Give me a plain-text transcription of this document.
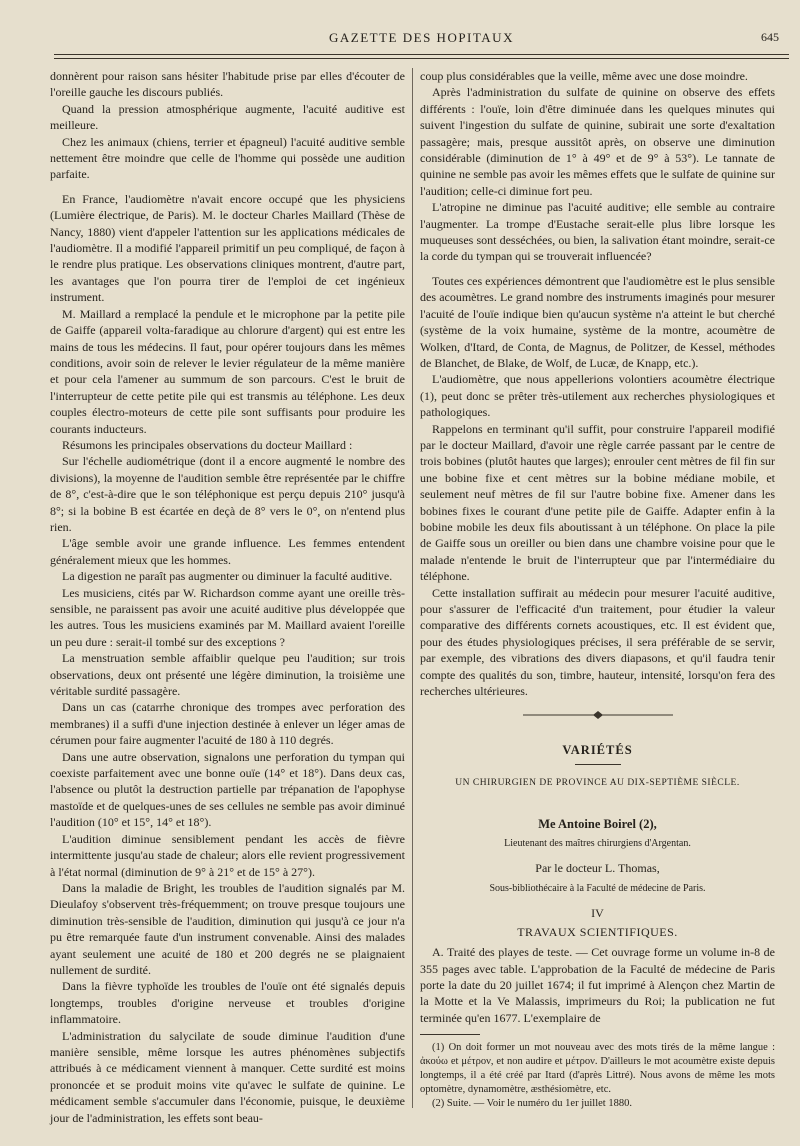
GAZETTE DES HOPITAUX	645

donnèrent pour raison sans hésiter l'habitude prise par elles d'écouter de l'oreille gauche les discours publiés.

Quand la pression atmosphérique augmente, l'acuité auditive est meilleure.

Chez les animaux (chiens, terrier et épagneul) l'acuité auditive semble nettement être moindre que celle de l'homme qui possède une audition parfaite.

En France, l'audiomètre n'avait encore occupé que les physiciens (Lumière électrique, de Paris). M. le docteur Charles Maillard (Thèse de Nancy, 1880) vient d'appeler l'attention sur les applications médicales de l'audiomètre. Il a modifié l'appareil primitif un peu compliqué, de façon à le rendre plus pratique. Les observations cliniques montrent, d'autre part, les avantages que l'on pourra tirer de l'emploi de cet ingénieux instrument.

M. Maillard a remplacé la pendule et le microphone par la petite pile de Gaiffe (appareil volta-faradique au chlorure d'argent) qui est entre les mains de tous les médecins. Il faut, pour opérer toujours dans les mêmes conditions, avoir soin de relever le levier régulateur de la même manière et pour cela l'amener au summum de son parcours. C'est le bruit de l'interrupteur de cette petite pile qui est transmis au téléphone. Les deux couples électro-moteurs de cette pile sont suffisants pour produire les courants inducteurs.

Résumons les principales observations du docteur Maillard :

Sur l'échelle audiométrique (dont il a encore augmenté le nombre des divisions), la moyenne de l'audition semble être représentée par le chiffre de 8°, c'est-à-dire que le son téléphonique est perçu depuis 210° jusqu'à 8°; si la bobine B est écartée en deçà de 8° vers le 0°, on n'entend plus rien.

L'âge semble avoir une grande influence. Les femmes entendent généralement mieux que les hommes.

La digestion ne paraît pas augmenter ou diminuer la faculté auditive.

Les musiciens, cités par W. Richardson comme ayant une oreille très-sensible, ne paraissent pas avoir une acuité auditive plus développée que les autres. Tous les musiciens examinés par M. Maillard avaient l'oreille un peu dure : serait-il tombé sur des exceptions ?

La menstruation semble affaiblir quelque peu l'audition; sur trois observations, deux ont présenté une légère diminution, la troisième une véritable surdité passagère.

Dans un cas (catarrhe chronique des trompes avec perforation des membranes) il a suffi d'une injection destinée à enlever un léger amas de cérumen pour faire augmenter l'acuité de 180 à 110 degrés.

Dans une autre observation, signalons une perforation du tympan qui coexiste parfaitement avec une bonne ouïe (14° et 18°). Dans deux cas, l'absence ou plutôt la destruction partielle par trépanation de l'apophyse mastoïde et de quelques-unes de ses cellules ne semble pas avoir diminué l'audition (10° et 15°, 14° et 18°).

L'audition diminue sensiblement pendant les accès de fièvre intermittente jusqu'au stade de chaleur; alors elle revient progressivement à l'état normal (diminution de 9° à 21° et de 15° à 27°).

Dans la maladie de Bright, les troubles de l'audition signalés par M. Dieulafoy s'observent très-fréquemment; on trouve presque toujours une diminution très-sensible de l'audition, diminution qui jusqu'à ce jour n'a pu être remarquée faute d'un instrument convenable. Ainsi des malades ayant seulement une acuité de 180 et 200 degrés ne se plaignaient nullement de surdité.

Dans la fièvre typhoïde les troubles de l'ouïe ont été signalés depuis longtemps, troubles d'origine nerveuse et troubles d'origine inflammatoire.

L'administration du salycilate de soude diminue l'audition d'une manière sensible, même lorsque les autres phénomènes subjectifs attribués à ce médicament viennent à manquer. Cette surdité est moins prononcée et se produit moins vite qu'avec le sulfate de quinine. Le médicament semble s'accumuler dans l'économie, puisque, le deuxième jour de l'administration, les effets sont beau-

coup plus considérables que la veille, même avec une dose moindre.

Après l'administration du sulfate de quinine on observe des effets différents : l'ouïe, loin d'être diminuée dans les quelques minutes qui suivent l'ingestion du sulfate de quinine, subirait une sorte d'exaltation passagère; mais, presque aussitôt après, on observe une diminution considérable (diminution de 1° à 49° et de 9° à 53°). Le tannate de quinine ne semble pas avoir les mêmes effets que le sulfate de quinine sur l'audition; celle-ci diminue fort peu.

L'atropine ne diminue pas l'acuité auditive; elle semble au contraire l'augmenter. La trompe d'Eustache serait-elle plus libre lorsque les muqueuses sont desséchées, ou bien, la salivation étant moindre, serait-ce la corde du tympan qui se trouverait influencée?

Toutes ces expériences démontrent que l'audiomètre est le plus sensible des acoumètres. Le grand nombre des instruments imaginés pour mesurer l'acuité de l'ouïe indique bien qu'aucun système n'a atteint le but cherché (système de la voix humaine, système de la montre, acoumètre de Wolken, d'Itard, de Conta, de Magnus, de Politzer, de Kessel, méthodes de Blanchet, de Blake, de Wolf, de Lucæ, de Knapp, etc.).

L'audiomètre, que nous appellerions volontiers acoumètre électrique (1), peut donc se prêter très-utilement aux recherches physiologiques et pathologiques.

Rappelons en terminant qu'il suffit, pour construire l'appareil modifié par le docteur Maillard, d'avoir une règle carrée passant par le centre de trois bobines (plutôt hautes que larges); enrouler cent mètres de fil fin sur une bobine fixe et cent mètres sur la bobine médiane mobile, et seulement neuf mètres de fil sur l'autre bobine fixe. Amener dans les bobines fixes le courant d'une petite pile de Gaiffe. Adapter enfin à la bobine mobile les deux fils aboutissant à un téléphone. On place la pile de Gaiffe sous un oreiller ou bien dans une chambre voisine pour que le malade n'entende le bruit de l'interrupteur que par l'intermédiaire du téléphone.

Cette installation suffirait au médecin pour mesurer l'acuité auditive, pour s'assurer de l'efficacité d'un traitement, pour étudier la valeur comparative des différents cornets acoustiques, etc. Il est évident que, pour des études physiologiques précises, il sera préférable de se servir, par exemple, des vibrations des divers diapasons, et qu'il faudra tenir compte des qualités du son, timbre, hauteur, intensité, lorsqu'on fera des recherches ultérieures.

VARIÉTÉS
UN CHIRURGIEN DE PROVINCE AU DIX-SEPTIÈME SIÈCLE.
Me Antoine Boirel (2),
Lieutenant des maîtres chirurgiens d'Argentan.
Par le docteur L. Thomas,
Sous-bibliothécaire à la Faculté de médecine de Paris.
IV
TRAVAUX SCIENTIFIQUES.

A. Traité des playes de teste. — Cet ouvrage forme un volume in-8 de 355 pages avec table. L'approbation de la Faculté de médecine de Paris porte la date du 20 juillet 1674; il fut imprimé à Alençon chez Martin de la Motte et la Ve Malassis, imprimeurs du Roi; la publication ne fut terminée qu'en 1677. L'exemplaire de

(1) On doit former un mot nouveau avec des mots tirés de la même langue : ἀκούω et μέτρον, et non audire et μέτρον. D'ailleurs le mot acoumètre existe depuis longtemps, il a été créé par Itard (d'après Littré). Nous avons de même les mots optomètre, dynamomètre, æsthésiomètre, etc.

(2) Suite. — Voir le numéro du 1er juillet 1880.
